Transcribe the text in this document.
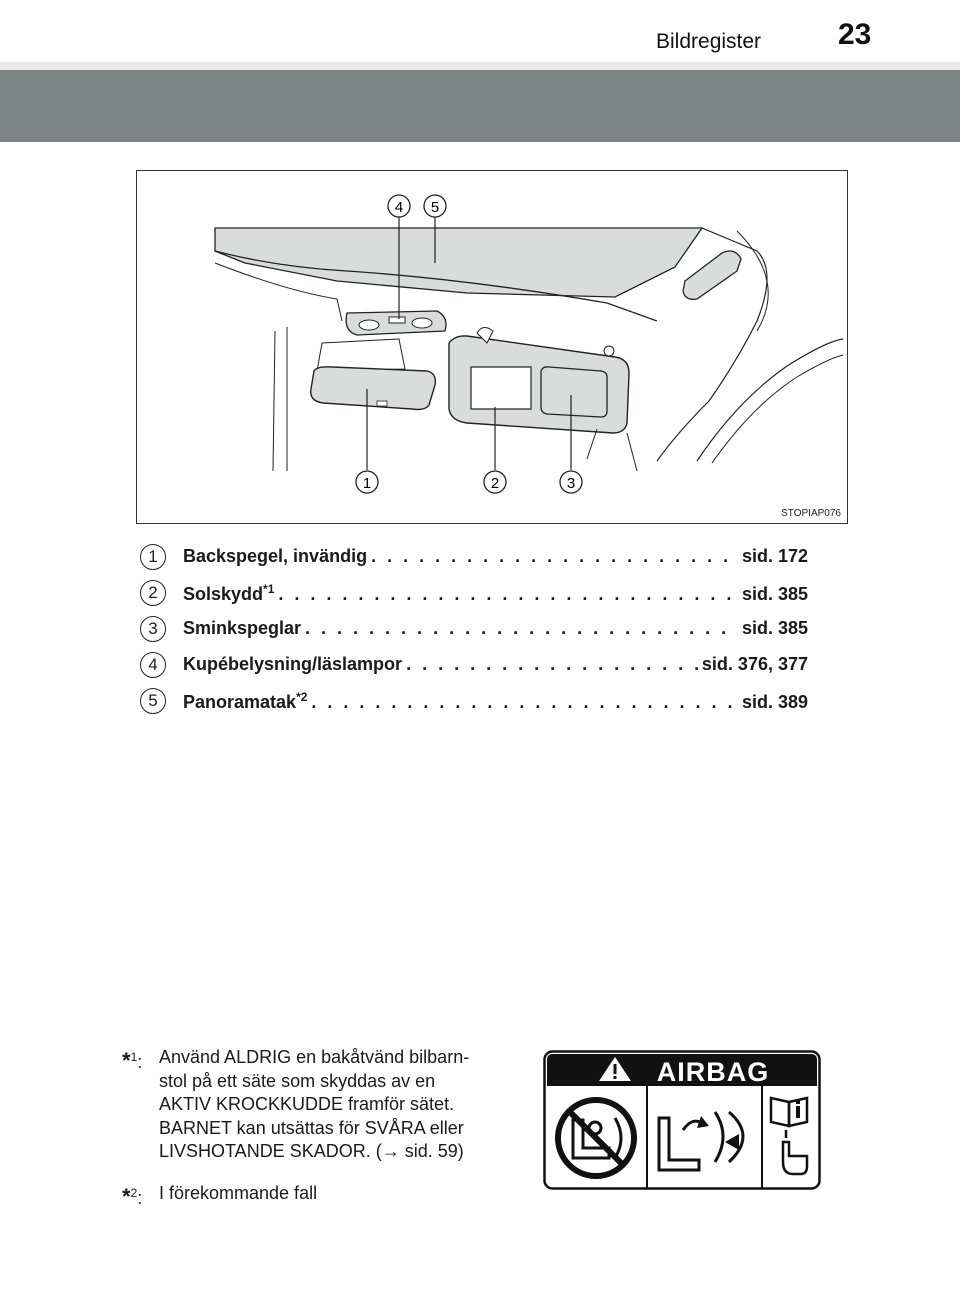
Bildregister	23
4 5
1	2	3
STOPIAP076
1	Backspegel, invändig . . .	sid. 172
2	Solskydd$^{*1}$ . . .	sid. 385
3	Sminkspeglar . . .	sid. 385
4	Kupébelysning/läslampor . . .	sid. 376, 377
5	Panoramatak$^{*2}$ . . .	sid. 389
*$^1$: Använd ALDRIG en bakåtvänd bilbarn-
stol på ett säte som skyddas av en
AKTIV KROCKKUDDE framför sätet.
BARNET kan utsättas för SVÅRA eller
LIVSHOTANDE SKADOR. (→ sid. 59)
*$^2$: I förekommande fall
AIRBAG
